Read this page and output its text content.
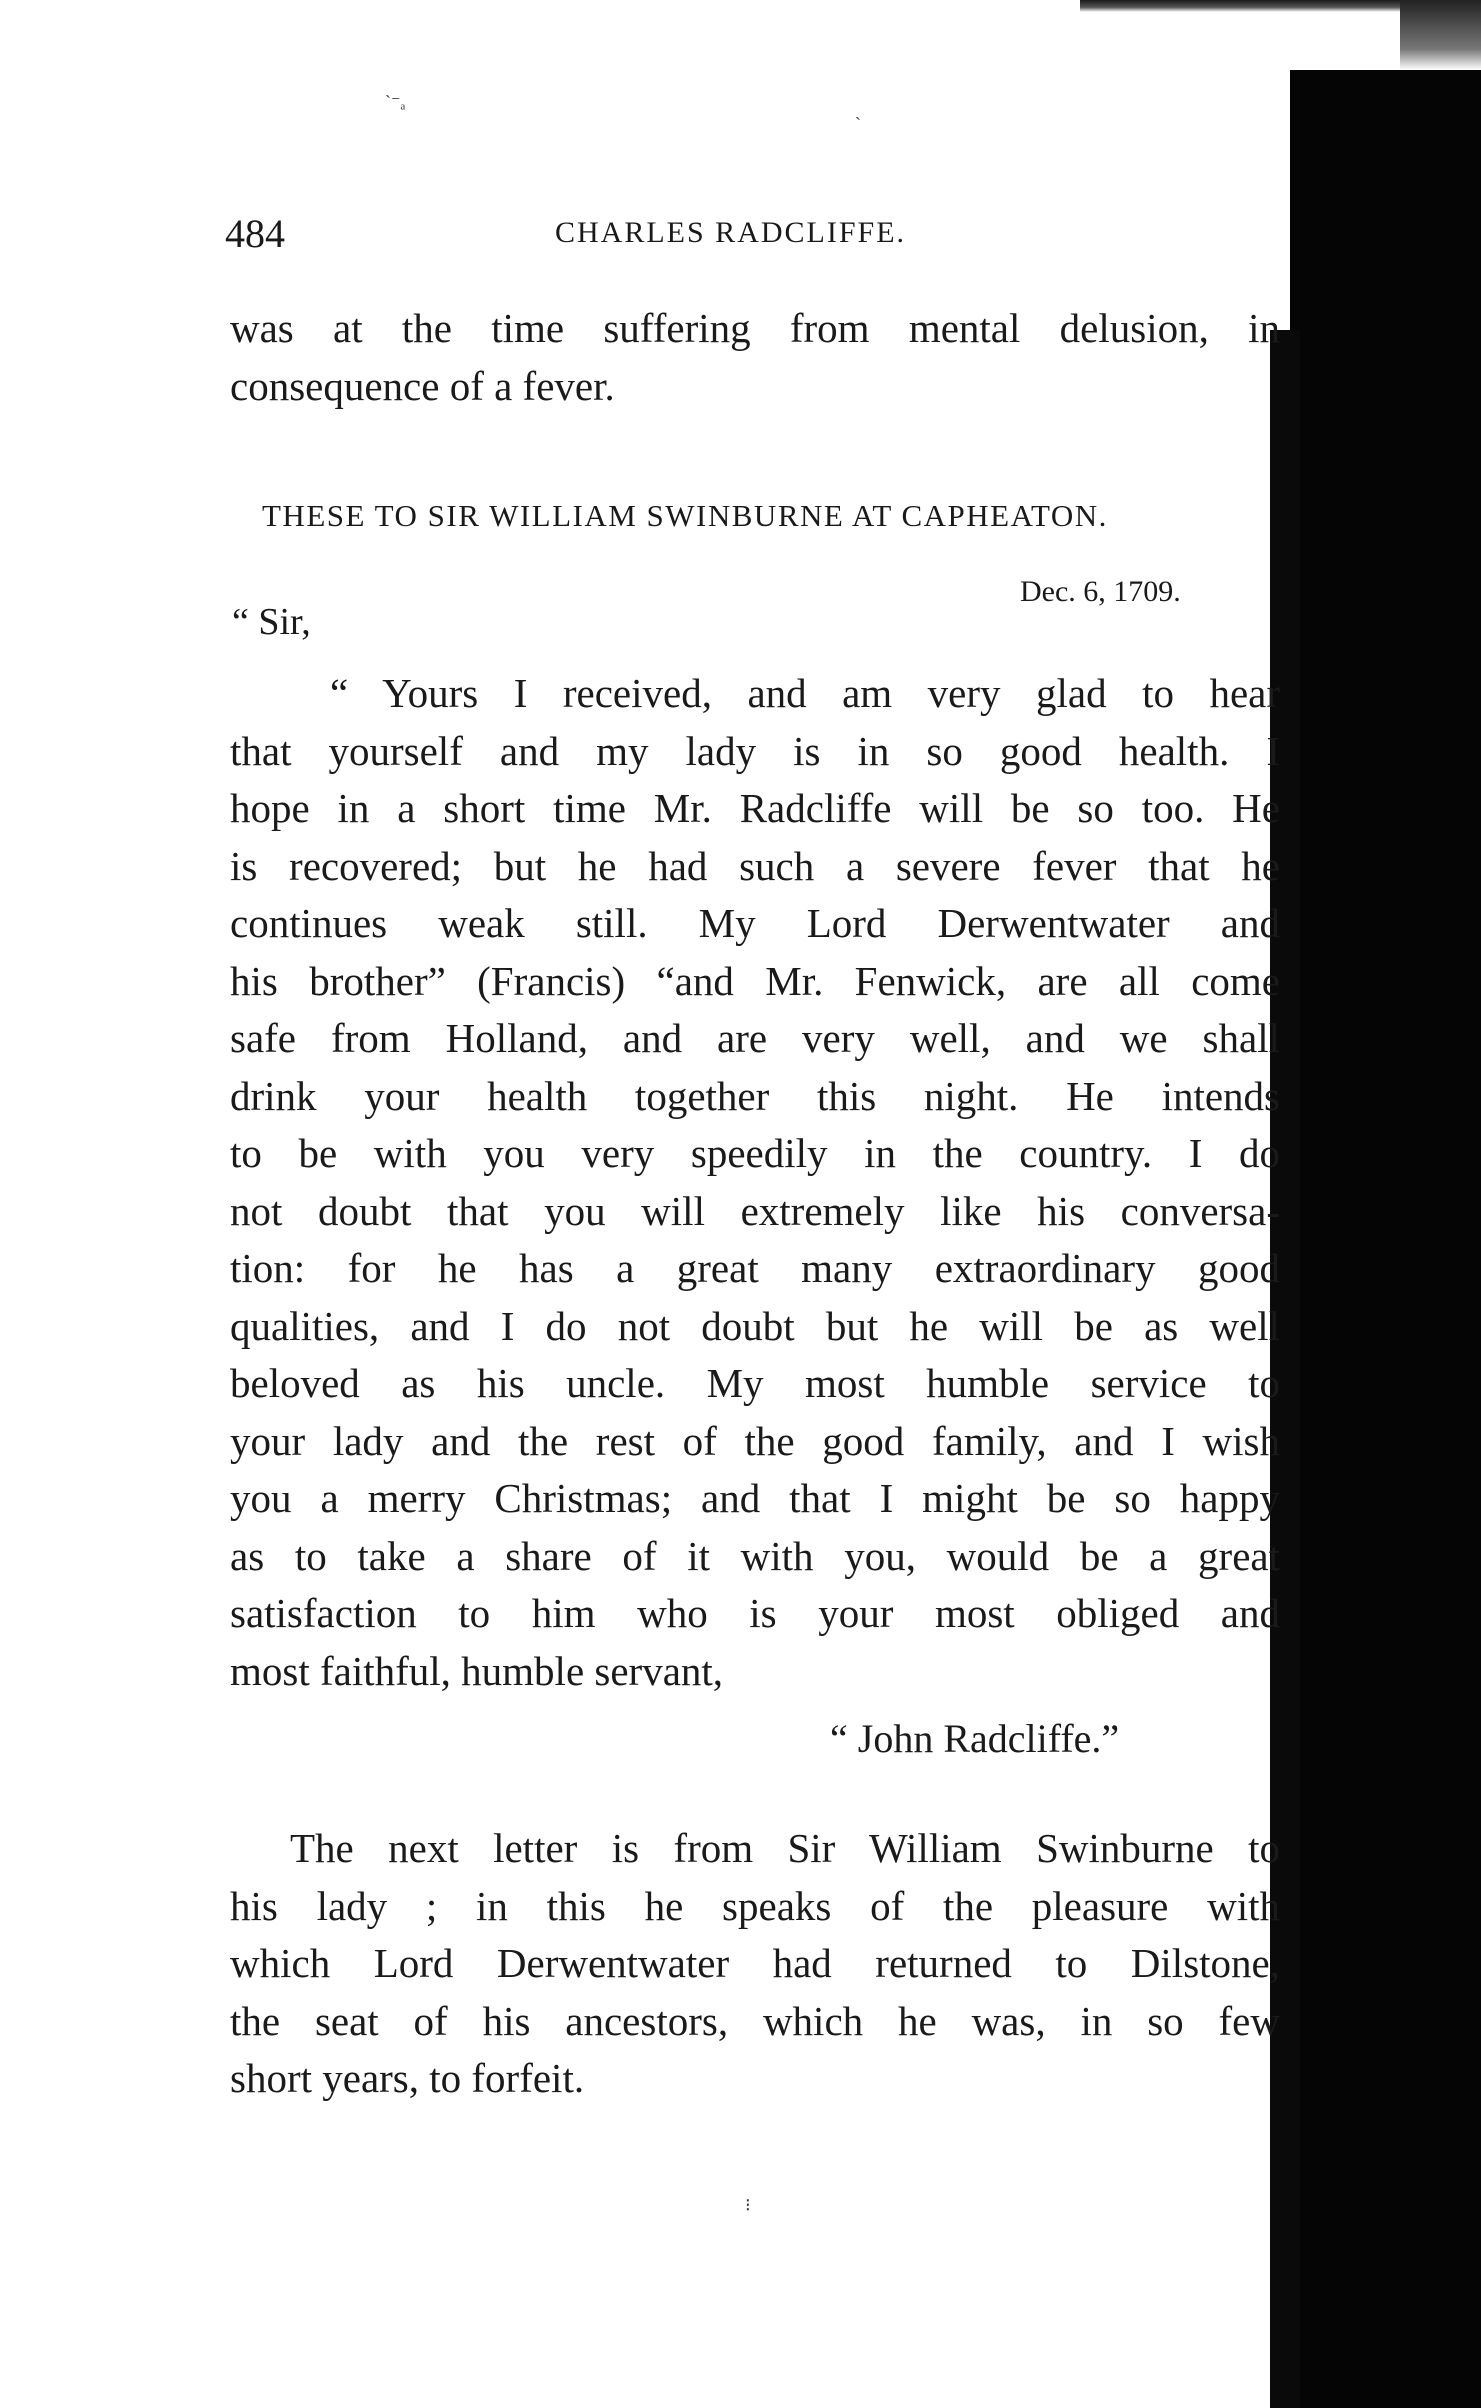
ˋ⁻ₐ	ˏ
⁝
484	CHARLES RADCLIFFE.
was at the time suffering from mental delusion, in
consequence of a fever.
THESE TO SIR WILLIAM SWINBURNE AT CAPHEATON.
Dec. 6, 1709.
“ Sir,
“ Yours I received, and am very glad to hear
that yourself and my lady is in so good health. I
hope in a short time Mr. Radcliffe will be so too. He
is recovered; but he had such a severe fever that he
continues weak still. My Lord Derwentwater and
his brother” (Francis) “and Mr. Fenwick, are all come
safe from Holland, and are very well, and we shall
drink your health together this night. He intends
to be with you very speedily in the country. I do
not doubt that you will extremely like his conversa-
tion: for he has a great many extraordinary good
qualities, and I do not doubt but he will be as well
beloved as his uncle. My most humble service to
your lady and the rest of the good family, and I wish
you a merry Christmas; and that I might be so happy
as to take a share of it with you, would be a great
satisfaction to him who is your most obliged and
most faithful, humble servant,
“ John Radcliffe.”
The next letter is from Sir William Swinburne to
his lady ; in this he speaks of the pleasure with
which Lord Derwentwater had returned to Dilstone,
the seat of his ancestors, which he was, in so few
short years, to forfeit.
